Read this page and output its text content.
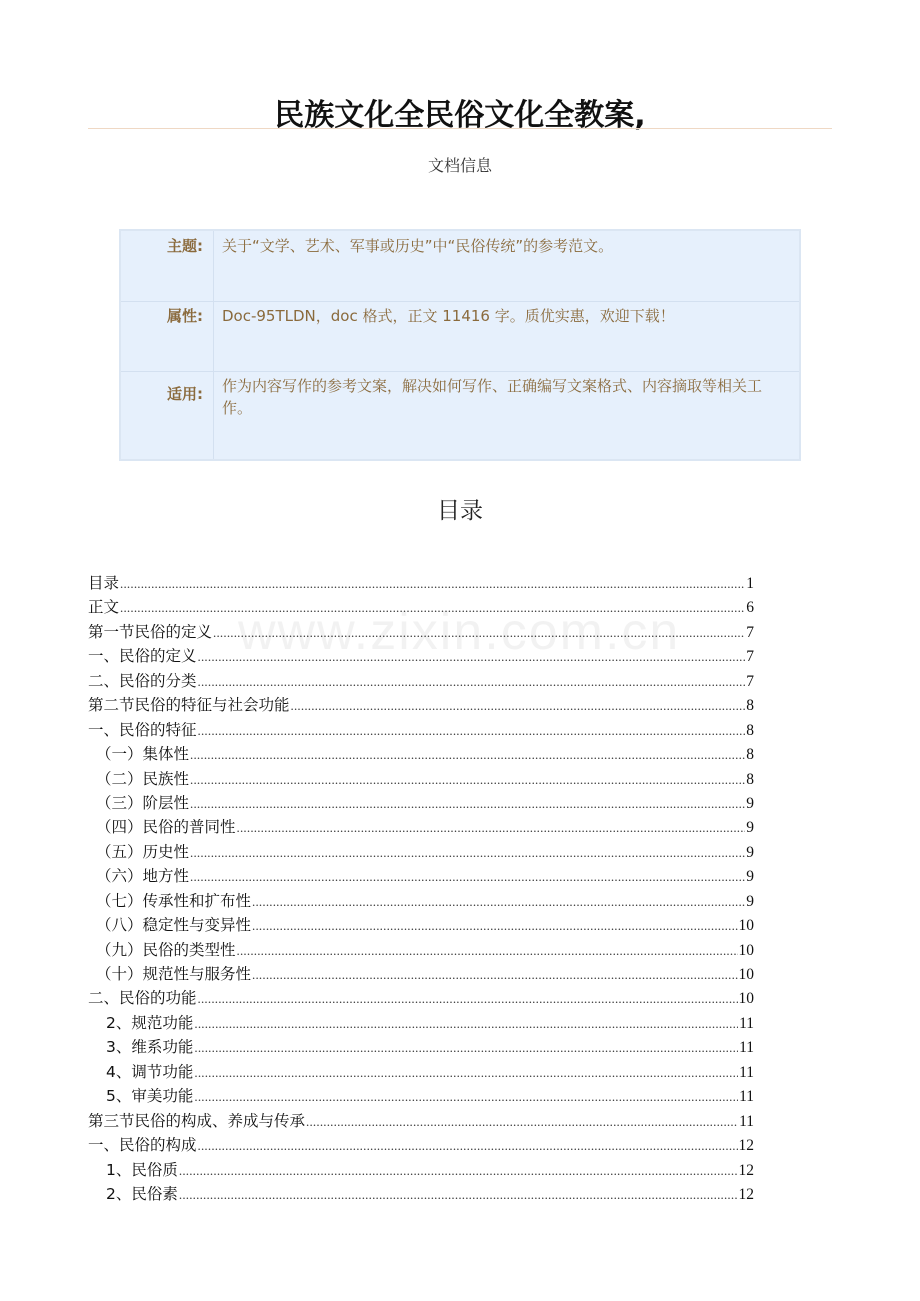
民族文化全民俗文化全教案,
文档信息
主题: 关于“文学、艺术、军事或历史”中“民俗传统”的参考范文。
属性: Doc-95TLDN，doc 格式，正文 11416 字。质优实惠，欢迎下载！
适用: 作为内容写作的参考文案，解决如何写作、正确编写文案格式、内容摘取等相关工作。
目录
www.zixin.com.cn
目录 .....	1
正文 .....	6
第一节民俗的定义 .....	7
一、民俗的定义 .....	7
二、民俗的分类 .....	7
第二节民俗的特征与社会功能 .....	8
一、民俗的特征 .....	8
（一）集体性 .....	8
（二）民族性 .....	8
（三）阶层性 .....	9
（四）民俗的普同性 .....	9
（五）历史性 .....	9
（六）地方性 .....	9
（七）传承性和扩布性 .....	9
（八）稳定性与变异性 .....	10
（九）民俗的类型性 .....	10
（十）规范性与服务性 .....	10
二、民俗的功能 .....	10
2、规范功能 .....	11
3、维系功能 .....	11
4、调节功能 .....	11
5、审美功能 .....	11
第三节民俗的构成、养成与传承 .....	11
一、民俗的构成 .....	12
1、民俗质 .....	12
2、民俗素 .....	12
